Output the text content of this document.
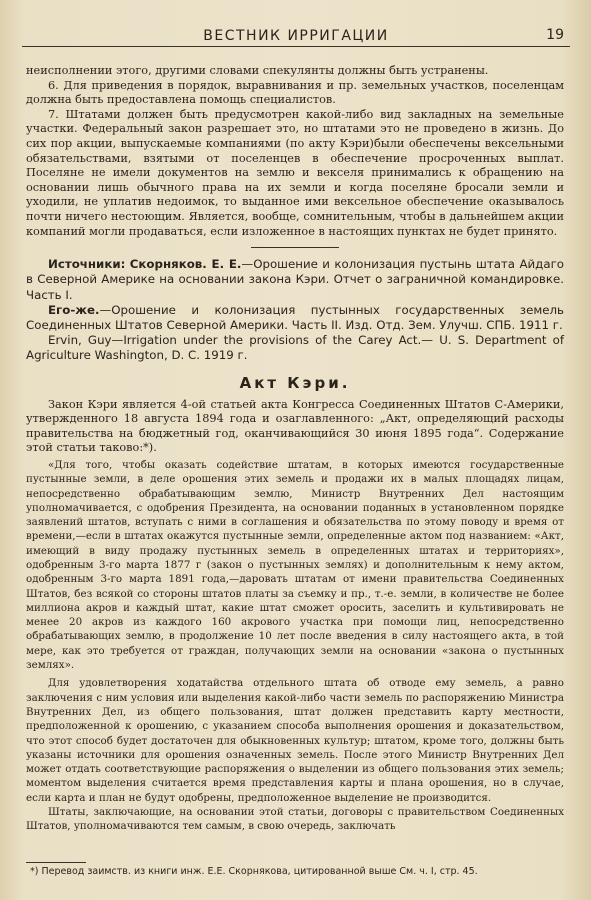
ВЕСТНИК ИРРИГАЦИИ	19

неисполнении этого, другими словами спекулянты должны быть устранены.

6. Для приведения в порядок, выравнивания и пр. земельных участков, поселенцам должна быть предоставлена помощь специалистов.

7. Штатами должен быть предусмотрен какой-либо вид закладных на земельные участки. Федеральный закон разрешает это, но штатами это не проведено в жизнь. До сих пор акции, выпускаемые компаниями (по акту Кэри)были обеспечены вексельными обязательствами, взятыми от поселенцев в обеспечение просроченных выплат. Поселяне не имели документов на землю и векселя принимались к обращению на основании лишь обычного права на их земли и когда поселяне бросали земли и уходили, не уплатив недоимок, то выданное ими вексельное обеспечение оказывалось почти ничего нестоющим. Является, вообще, сомнительным, чтобы в дальнейшем акции компаний могли продаваться, если изложенное в настоящих пунктах не будет принято.

Источники: Скорняков. Е. Е.—Орошение и колонизация пустынь штата Айдаго в Северной Америке на основании закона Кэри. Отчет о заграничной командировке. Часть I.

Его-же.—Орошение и колонизация пустынных государственных земель Соединенных Штатов Северной Америки. Часть II. Изд. Отд. Зем. Улучш. СПБ. 1911 г.

Ervin, Guy—Irrigation under the provisions of the Carey Act.— U. S. Department of Agriculture Washington, D. C. 1919 г.

Акт Кэри.

Закон Кэри является 4-ой статьей акта Конгресса Соединенных Штатов С-Америки, утвержденного 18 августа 1894 года и озаглавленного: „Акт, определяющий расходы правительства на бюджетный год, оканчивающийся 30 июня 1895 года“. Содержание этой статьи таково:*).

«Для того, чтобы оказать содействие штатам, в которых имеются государственные пустынные земли, в деле орошения этих земель и продажи их в малых площадях лицам, непосредственно обрабатывающим землю, Министр Внутренних Дел настоящим уполномачивается, с одобрения Президента, на основании поданных в установленном порядке заявлений штатов, вступать с ними в соглашения и обязательства по этому поводу и время от времени,—если в штатах окажутся пустынные земли, определенные актом под названием: «Акт, имеющий в виду продажу пустынных земель в определенных штатах и территориях», одобренным 3-го марта 1877 г (закон о пустынных землях) и дополнительным к нему актом, одобренным 3-го марта 1891 года,—даровать штатам от имени правительства Соединенных Штатов, без всякой со стороны штатов платы за съемку и пр., т.-е. земли, в количестве не более миллиона акров и каждый штат, какие штат сможет оросить, заселить и культивировать не менее 20 акров из каждого 160 акрового участка при помощи лиц, непосредственно обрабатывающих землю, в продолжение 10 лет после введения в силу настоящего акта, в той мере, как это требуется от граждан, получающих земли на основании «закона о пустынных землях».

Для удовлетворения ходатайства отдельного штата об отводе ему земель, а равно заключения с ним условия или выделения какой-либо части земель по распоряжению Министра Внутренних Дел, из общего пользования, штат должен представить карту местности, предположенной к орошению, с указанием способа выполнения орошения и доказательством, что этот способ будет достаточен для обыкновенных культур; штатом, кроме того, должны быть указаны источники для орошения означенных земель. После этого Министр Внутренних Дел может отдать соответствующие распоряжения о выделении из общего пользования этих земель; моментом выделения считается время представления карты и плана орошения, но в случае, если карта и план не будут одобрены, предположенное выделение не производится.

Штаты, заключающие, на основании этой статьи, договоры с правительством Соединенных Штатов, уполномачиваются тем самым, в свою очередь, заключать

*) Перевод заимств. из книги инж. Е.Е. Скорнякова, цитированной выше См. ч. I, стр. 45.
